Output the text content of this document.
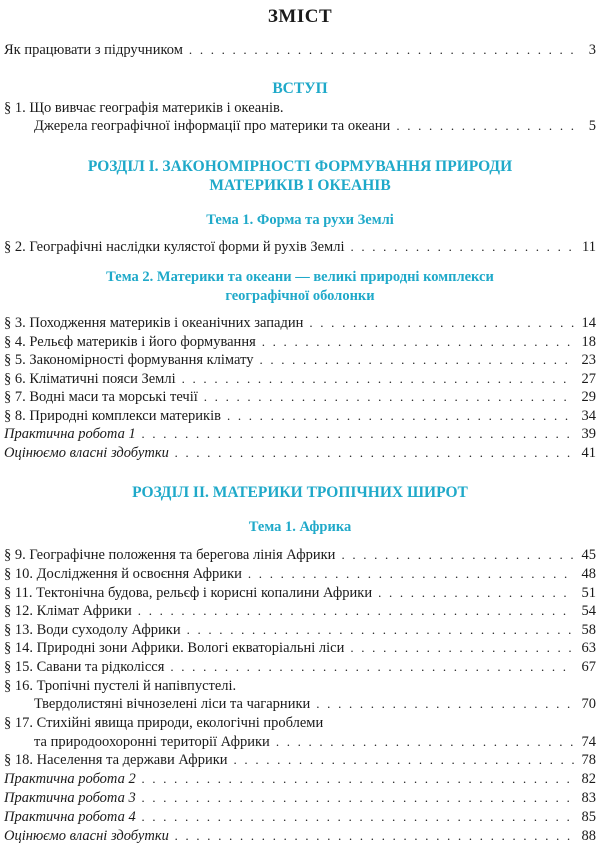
ЗМІСТ
Як працювати з підручником . . .	3
ВСТУП
§ 1. Що вивчає географія материків і океанів.
Джерела географічної інформації про материки та океани . . .	5
РОЗДІЛ І. ЗАКОНОМІРНОСТІ ФОРМУВАННЯ ПРИРОДИ
МАТЕРИКІВ І ОКЕАНІВ
Тема 1. Форма та рухи Землі
§ 2. Географічні наслідки кулястої форми й рухів Землі . . .	11
Тема 2. Материки та океани — великі природні комплекси
географічної оболонки
§ 3. Походження материків і океанічних западин . . .	14
§ 4. Рельєф материків і його формування . . .	18
§ 5. Закономірності формування клімату . . .	23
§ 6. Кліматичні пояси Землі . . .	27
§ 7. Водні маси та морські течії . . .	29
§ 8. Природні комплекси материків . . .	34
Практична робота 1 . . .	39
Оцінюємо власні здобутки . . .	41
РОЗДІЛ ІІ. МАТЕРИКИ ТРОПІЧНИХ ШИРОТ
Тема 1. Африка
§ 9. Географічне положення та берегова лінія Африки . . .	45
§ 10. Дослідження й освоєння Африки . . .	48
§ 11. Тектонічна будова, рельєф і корисні копалини Африки . . .	51
§ 12. Клімат Африки . . .	54
§ 13. Води суходолу Африки . . .	58
§ 14. Природні зони Африки. Вологі екваторіальні ліси . . .	63
§ 15. Савани та рідколісся . . .	67
§ 16. Тропічні пустелі й напівпустелі.
Твердолистяні вічнозелені ліси та чагарники . . .	70
§ 17. Стихійні явища природи, екологічні проблеми
та природоохоронні території Африки . . .	74
§ 18. Населення та держави Африки . . .	78
Практична робота 2 . . .	82
Практична робота 3 . . .	83
Практична робота 4 . . .	85
Оцінюємо власні здобутки . . .	88
